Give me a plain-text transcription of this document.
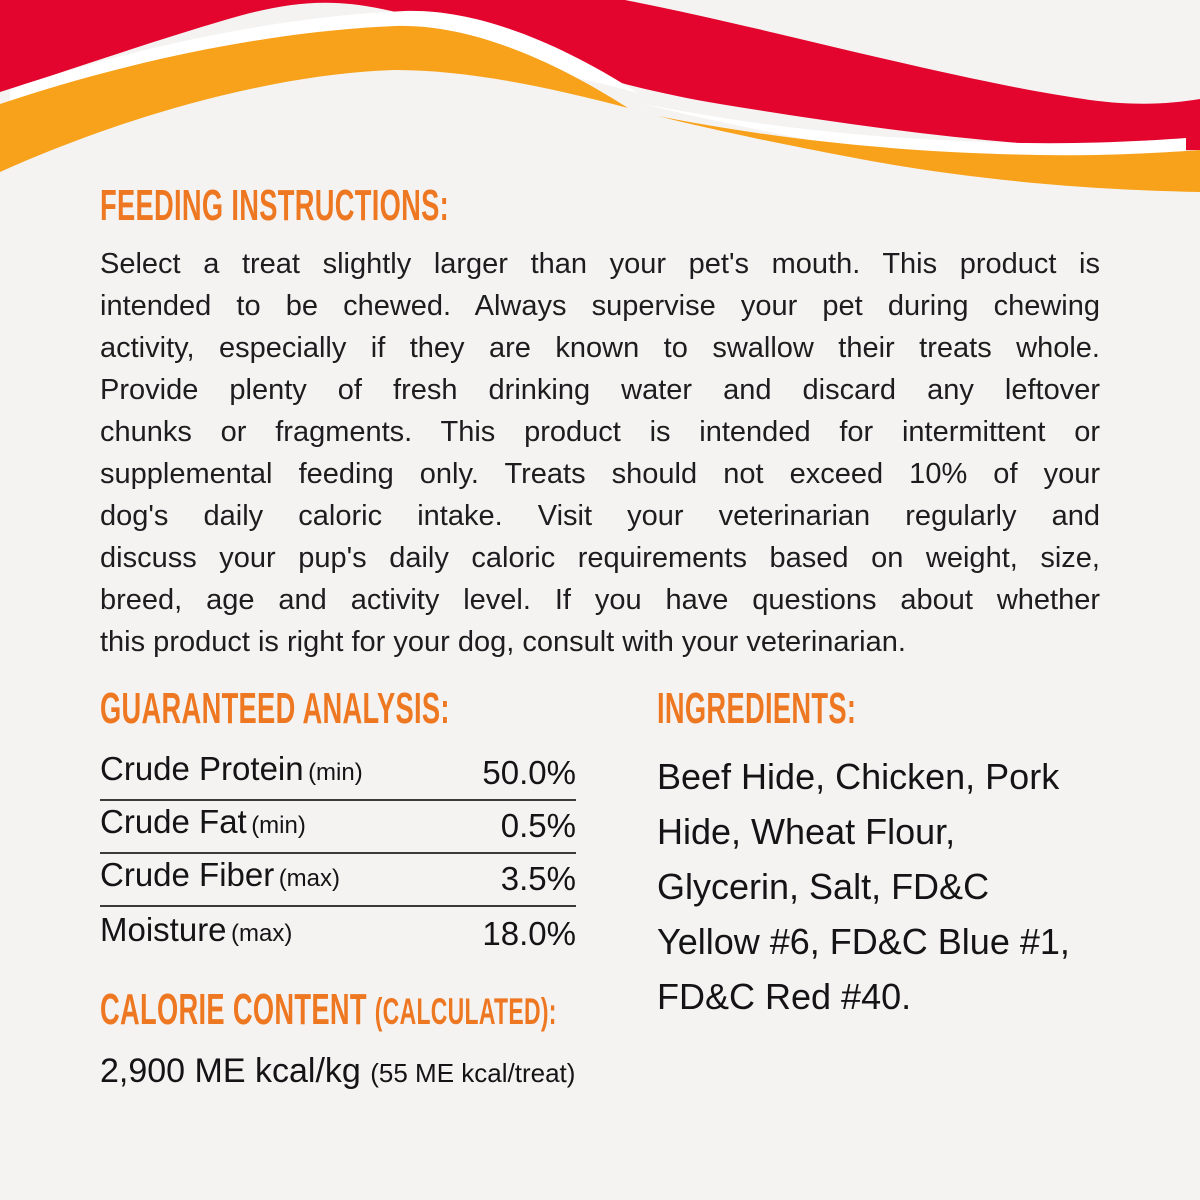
FEEDING INSTRUCTIONS:
Select a treat slightly larger than your pet's mouth. This product is
intended to be chewed. Always supervise your pet during chewing
activity, especially if they are known to swallow their treats whole.
Provide plenty of fresh drinking water and discard any leftover
chunks or fragments. This product is intended for intermittent or
supplemental feeding only. Treats should not exceed 10% of your
dog's daily caloric intake. Visit your veterinarian regularly and
discuss your pup's daily caloric requirements based on weight, size,
breed, age and activity level. If you have questions about whether
this product is right for your dog, consult with your veterinarian.
GUARANTEED ANALYSIS:
Crude Protein (min)	50.0%
Crude Fat (min)	0.5%
Crude Fiber (max)	3.5%
Moisture (max)	18.0%
CALORIE CONTENT (CALCULATED):
2,900 ME kcal/kg (55 ME kcal/treat)
INGREDIENTS:
Beef Hide, Chicken, Pork
Hide, Wheat Flour,
Glycerin, Salt, FD&C
Yellow #6, FD&C Blue #1,
FD&C Red #40.
